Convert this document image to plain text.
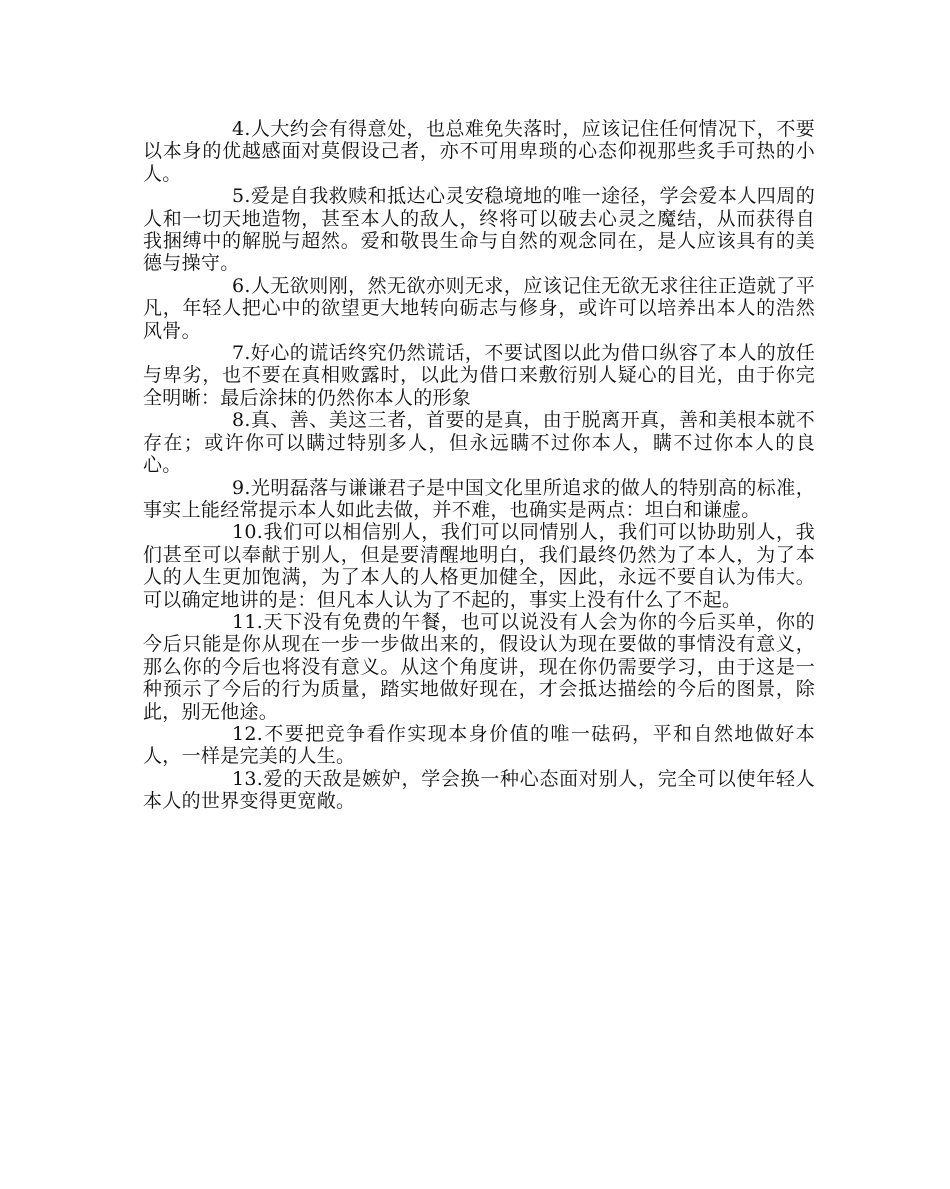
4.人大约会有得意处，也总难免失落时，应该记住任何情况下，不要以本身的优越感面对莫假设己者，亦不可用卑琐的心态仰视那些炙手可热的小人。

5.爱是自我救赎和抵达心灵安稳境地的唯一途径，学会爱本人四周的人和一切天地造物，甚至本人的敌人，终将可以破去心灵之魔结，从而获得自我捆缚中的解脱与超然。爱和敬畏生命与自然的观念同在，是人应该具有的美德与操守。

6.人无欲则刚，然无欲亦则无求，应该记住无欲无求往往正造就了平凡，年轻人把心中的欲望更大地转向砺志与修身，或许可以培养出本人的浩然风骨。

7.好心的谎话终究仍然谎话，不要试图以此为借口纵容了本人的放任与卑劣，也不要在真相败露时，以此为借口来敷衍别人疑心的目光，由于你完全明晰：最后涂抹的仍然你本人的形象

8.真、善、美这三者，首要的是真，由于脱离开真，善和美根本就不存在；或许你可以瞒过特别多人，但永远瞒不过你本人，瞒不过你本人的良心。

9.光明磊落与谦谦君子是中国文化里所追求的做人的特别高的标准，事实上能经常提示本人如此去做，并不难，也确实是两点：坦白和谦虚。

10.我们可以相信别人，我们可以同情别人，我们可以协助别人，我们甚至可以奉献于别人，但是要清醒地明白，我们最终仍然为了本人，为了本人的人生更加饱满，为了本人的人格更加健全，因此，永远不要自认为伟大。可以确定地讲的是：但凡本人认为了不起的，事实上没有什么了不起。

11.天下没有免费的午餐，也可以说没有人会为你的今后买单，你的今后只能是你从现在一步一步做出来的，假设认为现在要做的事情没有意义，那么你的今后也将没有意义。从这个角度讲，现在你仍需要学习，由于这是一种预示了今后的行为质量，踏实地做好现在，才会抵达描绘的今后的图景，除此，别无他途。

12.不要把竞争看作实现本身价值的唯一砝码，平和自然地做好本人，一样是完美的人生。

13.爱的天敌是嫉妒，学会换一种心态面对别人，完全可以使年轻人本人的世界变得更宽敞。
